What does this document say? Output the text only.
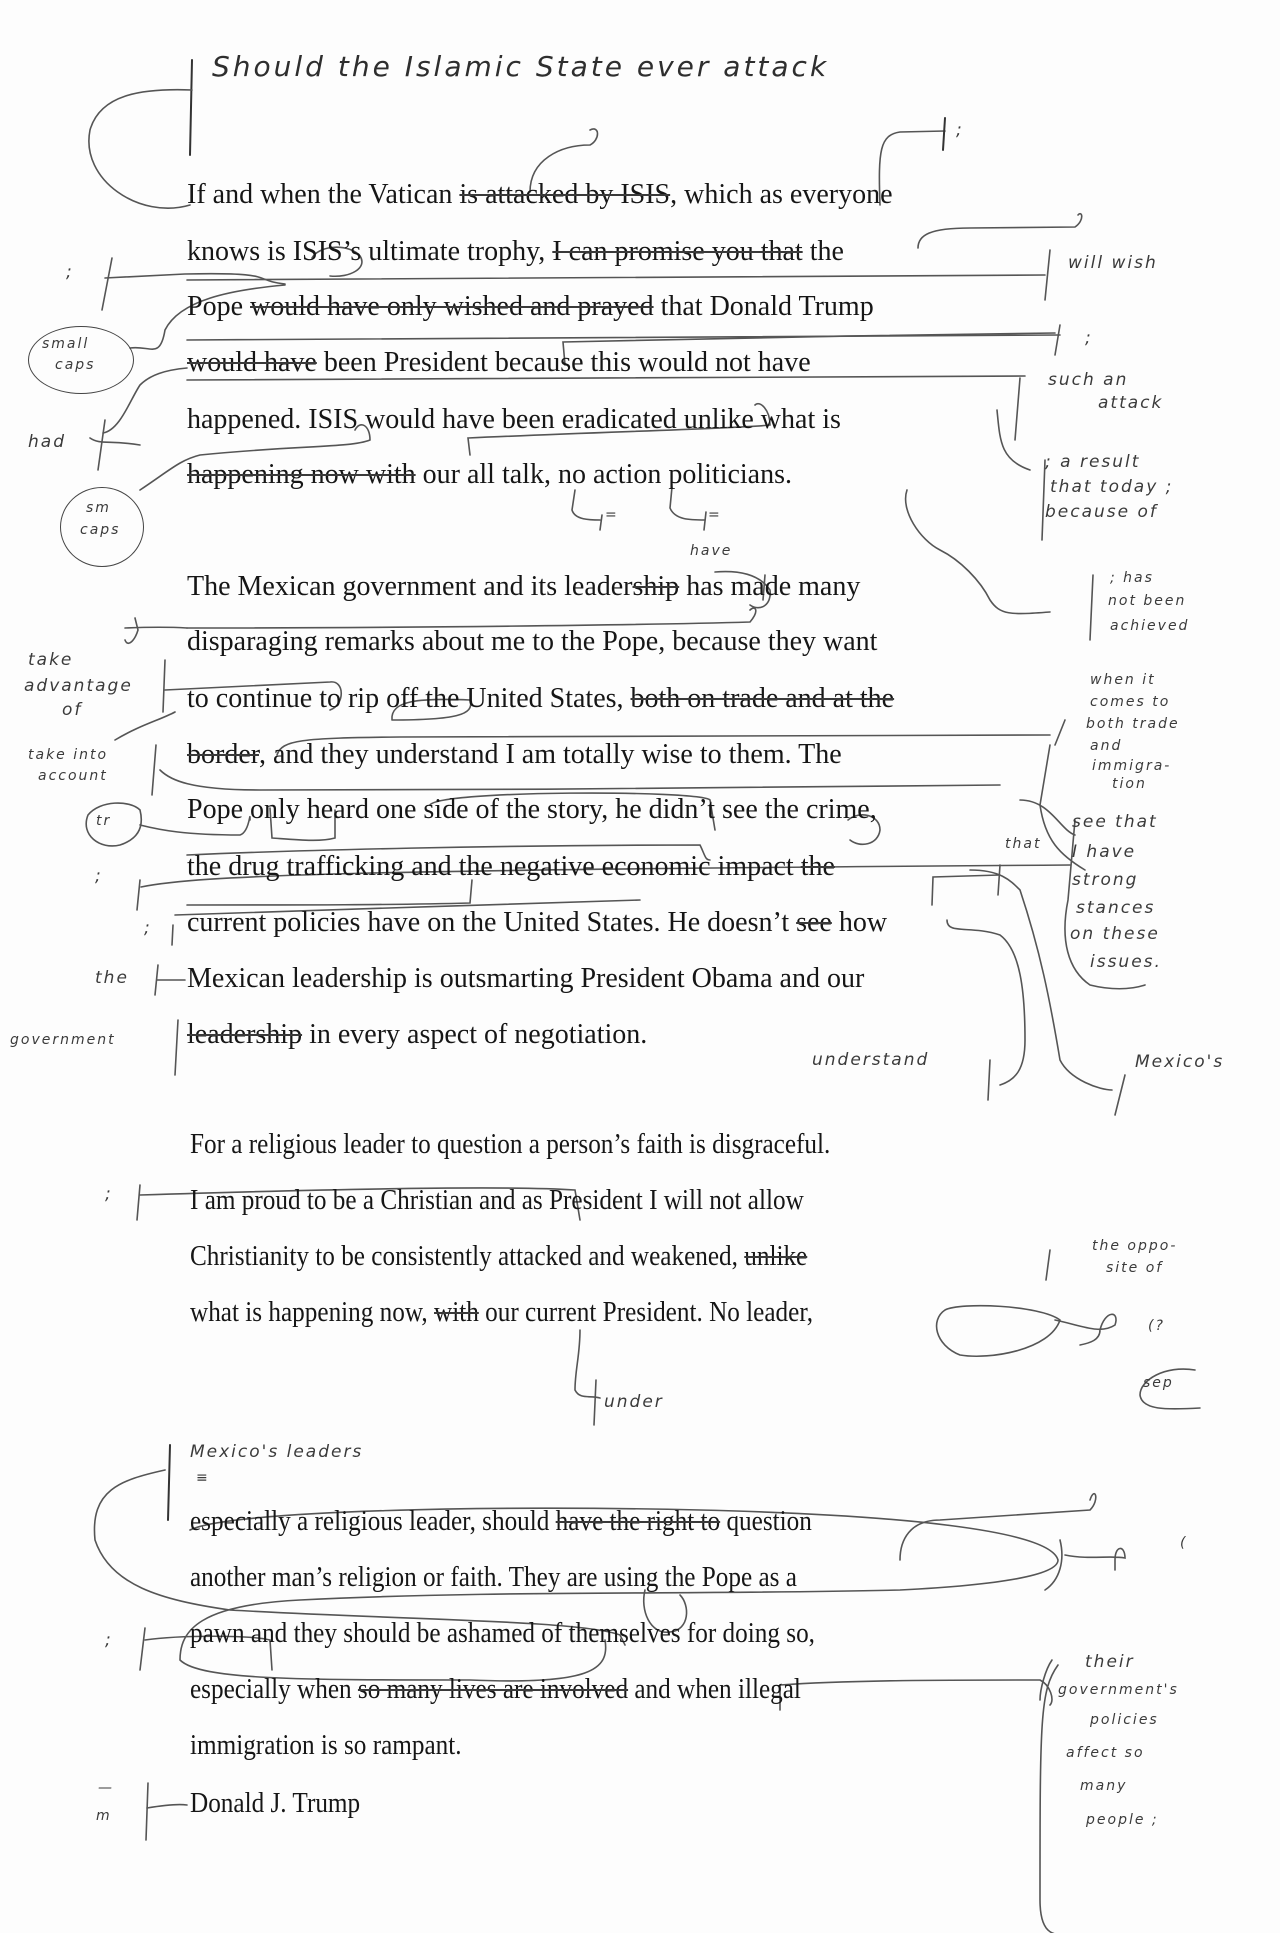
Should the Islamic State ever attack
If and when the Vatican is attacked by ISIS, which as everyone
knows is ISIS’s ultimate trophy, I can promise you that the
Pope would have only wished and prayed that Donald Trump
would have been President because this would not have
happened. ISIS would have been eradicated unlike what is
happening now with our all talk, no action politicians.
The Mexican government and its leadership has made many
disparaging remarks about me to the Pope, because they want
to continue to rip off the United States, both on trade and at the
border, and they understand I am totally wise to them. The
Pope only heard one side of the story, he didn’t see the crime,
the drug trafficking and the negative economic impact the
current policies have on the United States. He doesn’t see how
Mexican leadership is outsmarting President Obama and our
leadership in every aspect of negotiation.
For a religious leader to question a person’s faith is disgraceful.
I am proud to be a Christian and as President I will not allow
Christianity to be consistently attacked and weakened, unlike
what is happening now, with our current President. No leader,
especially a religious leader, should have the right to question
another man’s religion or faith. They are using the Pope as a
pawn and they should be ashamed of themselves for doing so,
especially when so many lives are involved and when illegal
immigration is so rampant.
Donald J. Trump
;
small
caps
had
sm
caps
take
advantage
of
take into
account
tr
;
;
the
government
;
;
—
m
;
will wish
;
such an
attack
; a result
that today ;
because of
; has
not been
achieved
when it
comes to
both trade
and
immigra-
tion
see that
I have
strong
stances
on these
issues.
that
understand	Mexico's
the oppo-
site of
(?
sep
under
Mexico's leaders
≡
(
their
government's
policies
affect so
many
people ;
=	=
have
